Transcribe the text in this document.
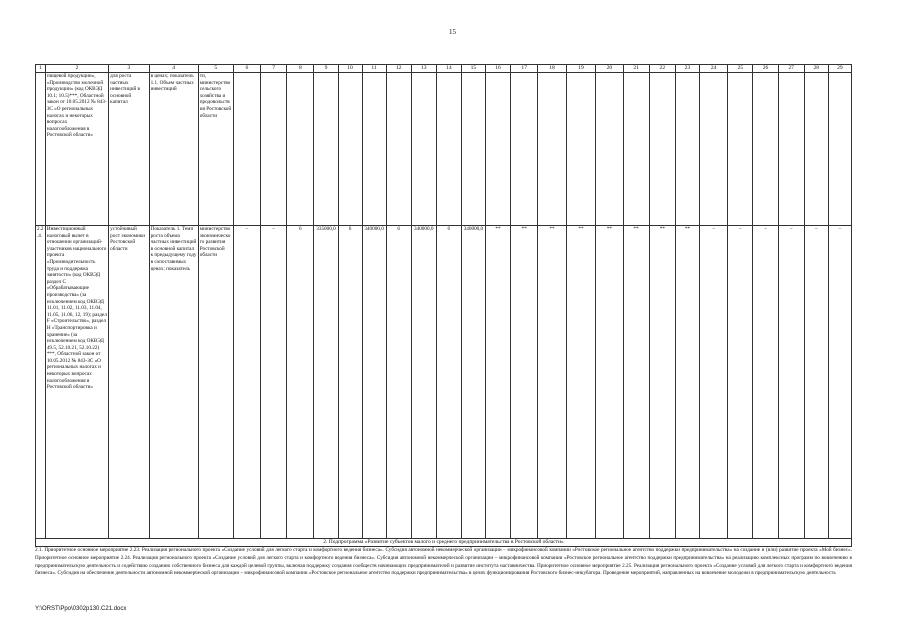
15
1	2	3	4	5	6	7	8	9	10	11	12	13	14	15	16	17	18	19	20	21	22	23	24	25	26	27	28	29
	пищевой продукции», «Производство молочной продукции» (код ОКВЭД 10.1; 10.5)***, Областной закон от 10.05.2012 № 843-ЗС «О региональных налогах и некоторых вопросах налогообложения в Ростовской области»	для роста частных инвестиций в основной капитал	в ценах; показатель 1.1. Объем частных инвестиций	ти, министерство сельского хозяйства и продовольствия Ростовской области																								
2.2.4.	Инвестиционный налоговый вычет в отношении организаций-участников национального проекта «Производительность труда и поддержка занятости» (код ОКВЭД раздел C «Обрабатывающие производства» (за исключением код ОКВЭД 11.01, 11.02, 11.03, 11.04, 11.05, 11.06, 12, 19); раздел F «Строительство», раздел H «Транспортировка и хранение» (за исключением код ОКВЭД 49.5, 52.10.21, 52.10.22) ***, Областной закон от 10.05.2012 № 843-ЗС «О региональных налогах и некоторых вопросах налогообложения в Ростовской области»	устойчивый рост экономики Ростовской области	Показатель 1. Темп роста объема частных инвестиций в основной капитал к предыдущему году в сопоставимых ценах; показатель	министерство экономического развития Ростовской области	–	–	6	335000,0	6	340000,0	6	340000,0	6	340000,0	**	**	**	**	**	**	**	**	–	–	–	–	–	–
2. Подпрограмма «Развитие субъектов малого и среднего предпринимательства в Ростовской области»																												

2.1. Приоритетное основное мероприятие 2.23. Реализация регионального проекта «Создание условий для легкого старта и комфортного ведения бизнеса». Субсидия автономной некоммерческой организации – микрофинансовой компании «Ростовское региональное агентство поддержки предпринимательства» на создание и (или) развитие проекта «Мой бизнес». Приоритетное основное мероприятие 2.24. Реализация регионального проекта «Создание условий для легкого старта и комфортного ведения бизнеса». Субсидия автономной некоммерческой организации – микрофинансовой компании «Ростовское региональное агентство поддержки предпринимательства» на реализацию комплексных программ по вовлечению в предпринимательскую деятельность и содействию созданию собственного бизнеса для каждой целевой группы, включая поддержку создания сообществ начинающих предпринимателей и развитие института наставничества. Приоритетное основное мероприятие 2.25. Реализация регионального проекта «Создание условий для легкого старта и комфортного ведения бизнеса». Субсидия на обеспечение деятельности автономной некоммерческой организации – микрофинансовой компании «Ростовское региональное агентство поддержки предпринимательства» в целях функционирования Ростовского бизнес-инкубатора. Проведение мероприятий, направленных на вовлечение молодежи в предпринимательскую деятельность

Y:\ORST\Ppo\0302p130.C21.docx
